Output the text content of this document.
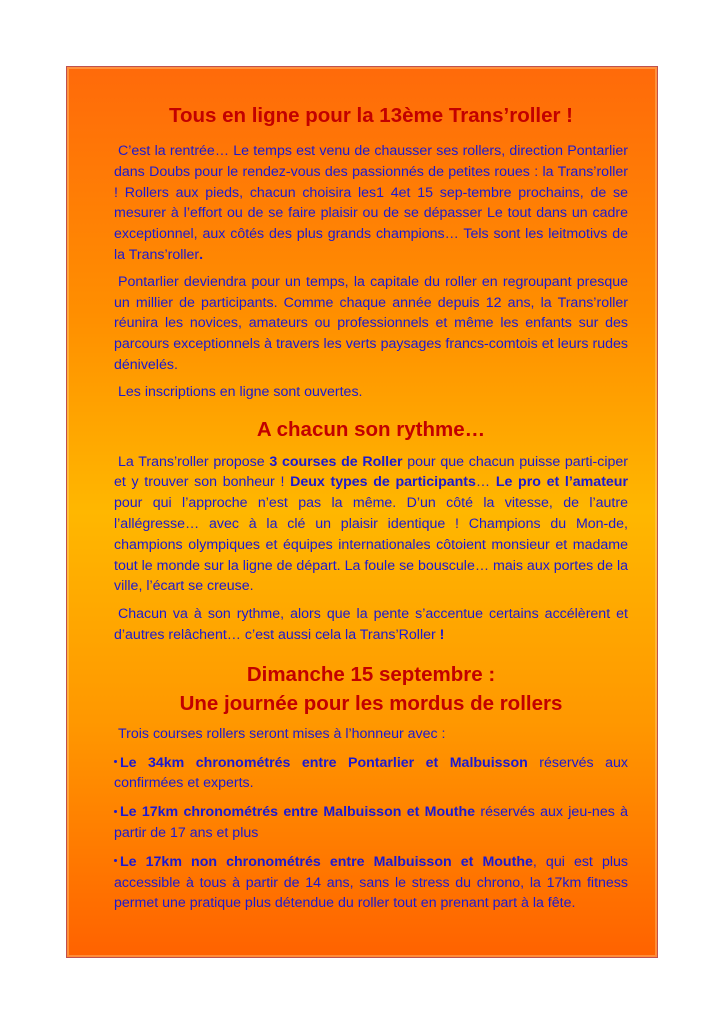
Tous en ligne pour la 13ème Trans’roller !

C’est la rentrée… Le temps est venu de chausser ses rollers, direction Pontarlier dans Doubs pour le rendez-vous des passionnés de petites roues : la Trans’roller ! Rollers aux pieds, chacun choisira les1 4et 15 sep-tembre prochains, de se mesurer à l’effort ou de se faire plaisir ou de se dépasser Le tout dans un cadre exceptionnel, aux côtés des plus grands champions… Tels sont les leitmotivs de la Trans’roller.

Pontarlier deviendra pour un temps, la capitale du roller en regroupant presque un millier de participants. Comme chaque année depuis 12 ans, la Trans’roller réunira les novices, amateurs ou professionnels et même les enfants sur des parcours exceptionnels à travers les verts paysages francs-comtois et leurs rudes dénivelés.

Les inscriptions en ligne sont ouvertes.

A chacun son rythme…

La Trans’roller propose 3 courses de Roller pour que chacun puisse parti-ciper et y trouver son bonheur ! Deux types de participants… Le pro et l’amateur pour qui l’approche n’est pas la même. D’un côté la vitesse, de l’autre l’allégresse… avec à la clé un plaisir identique ! Champions du Mon-de, champions olympiques et équipes internationales côtoient monsieur et madame tout le monde sur la ligne de départ. La foule se bouscule… mais aux portes de la ville, l’écart se creuse.

Chacun va à son rythme, alors que la pente s’accentue certains accélèrent et d’autres relâchent… c’est aussi cela la Trans’Roller !

Dimanche 15 septembre :
Une journée pour les mordus de rollers

Trois courses rollers seront mises à l’honneur avec :

Le 34km chronométrés entre Pontarlier et Malbuisson réservés aux confirmées et experts.

Le 17km chronométrés entre Malbuisson et Mouthe réservés aux jeu-nes à partir de 17 ans et plus

Le 17km non chronométrés entre Malbuisson et Mouthe, qui est plus accessible à tous à partir de 14 ans, sans le stress du chrono, la 17km fitness permet une pratique plus détendue du roller tout en prenant part à la fête.
